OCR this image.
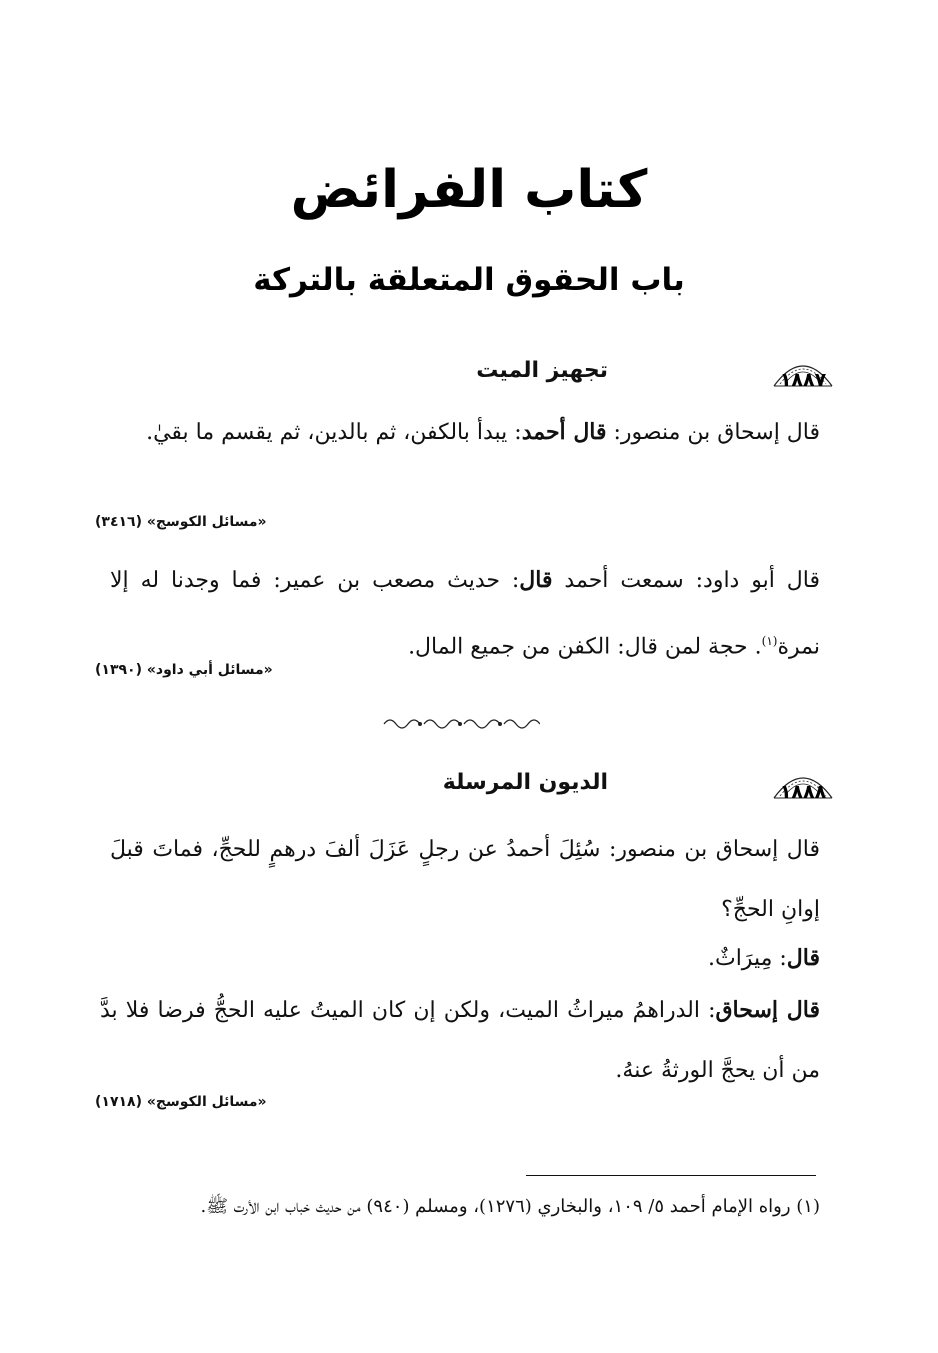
كتاب الفرائض
باب الحقوق المتعلقة بالتركة
١٨٨٧
تجهيز الميت
قال إسحاق بن منصور: قال أحمد: يبدأ بالكفن، ثم بالدين، ثم يقسم ما بقيٰ.
«مسائل الكوسج» (٣٤١٦)
قال أبو داود: سمعت أحمد قال: حديث مصعب بن عمير: فما وجدنا له إلا نمرة$^{(١)}$. حجة لمن قال: الكفن من جميع المال.
«مسائل أبي داود» (١٣٩٠)
١٨٨٨
الديون المرسلة
قال إسحاق بن منصور: سُئِلَ أحمدُ عن رجلٍ عَزَلَ ألفَ درهمٍ للحجِّ، فماتَ قبلَ إوانِ الحجِّ؟
قال: مِيرَاثٌ.
قال إسحاق: الدراهمُ ميراثُ الميت، ولكن إن كان الميتُ عليه الحجُّ فرضا فلا بدَّ من أن يحجَّ الورثةُ عنهُ.
«مسائل الكوسج» (١٧١٨)
(١) رواه الإمام أحمد ٥/ ١٠٩، والبخاري (١٢٧٦)، ومسلم (٩٤٠) من حديث خباب ابن الأرت ﷺ.
